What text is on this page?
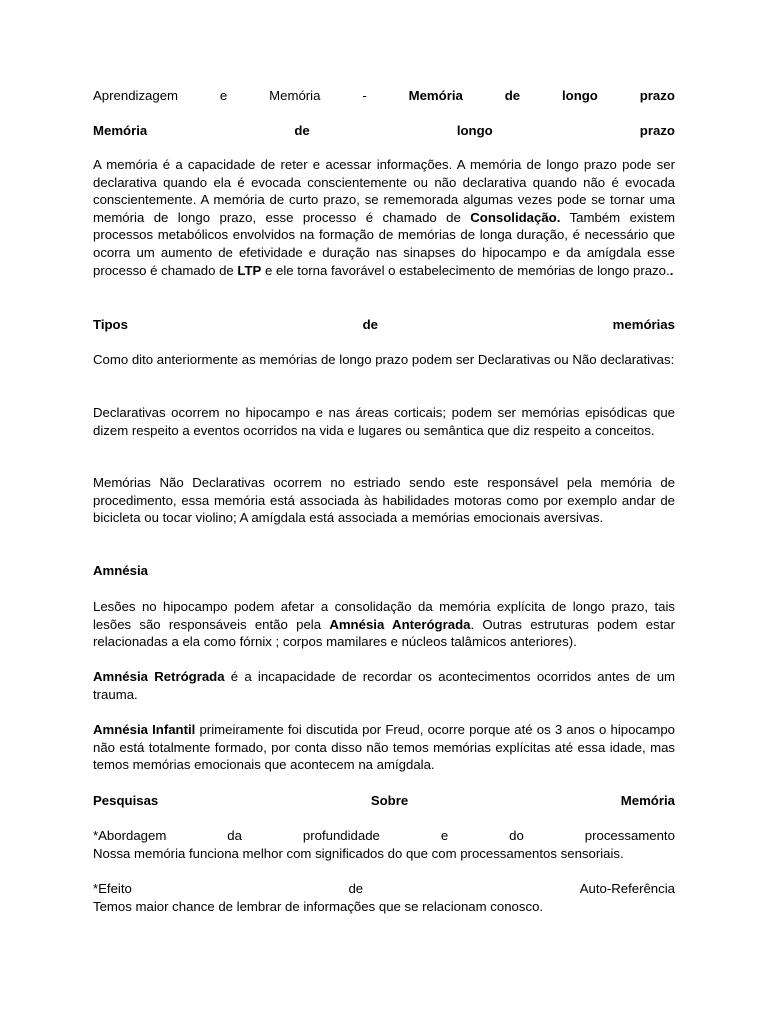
Aprendizagem	e	Memória	-	Memória	de	longo	prazo
Memória	de	longo	prazo

A memória é a capacidade de reter e acessar informações. A memória de longo prazo pode ser declarativa quando ela é evocada conscientemente ou não declarativa quando não é evocada conscientemente. A memória de curto prazo, se rememorada algumas vezes pode se tornar uma memória de longo prazo, esse processo é chamado de Consolidação. Também existem processos metabólicos envolvidos na formação de memórias de longa duração, é necessário que ocorra um aumento de efetividade e duração nas sinapses do hipocampo e da amígdala esse processo é chamado de LTP e ele torna favorável o estabelecimento de memórias de longo prazo..

Tipos	de	memórias

Como dito anteriormente as memórias de longo prazo podem ser Declarativas ou Não declarativas:

Declarativas ocorrem no hipocampo e nas áreas corticais; podem ser memórias episódicas que dizem respeito a eventos ocorridos na vida e lugares ou semântica que diz respeito a conceitos.

Memórias Não Declarativas ocorrem no estriado sendo este responsável pela memória de procedimento, essa memória está associada às habilidades motoras como por exemplo andar de bicicleta ou tocar violino; A amígdala está associada a memórias emocionais aversivas.

Amnésia

Lesões no hipocampo podem afetar a consolidação da memória explícita de longo prazo, tais lesões são responsáveis então pela Amnésia Anterógrada. Outras estruturas podem estar relacionadas a ela como fórnix ; corpos mamilares e núcleos talâmicos anteriores).

Amnésia Retrógrada é a incapacidade de recordar os acontecimentos ocorridos antes de um trauma.

Amnésia Infantil primeiramente foi discutida por Freud, ocorre porque até os 3 anos o hipocampo não está totalmente formado, por conta disso não temos memórias explícitas até essa idade, mas temos memórias emocionais que acontecem na amígdala.

Pesquisas	Sobre	Memória
*Abordagem	da	profundidade	e	do	processamento
Nossa memória funciona melhor com significados do que com processamentos sensoriais.
*Efeito	de	Auto-Referência
Temos maior chance de lembrar de informações que se relacionam conosco.
